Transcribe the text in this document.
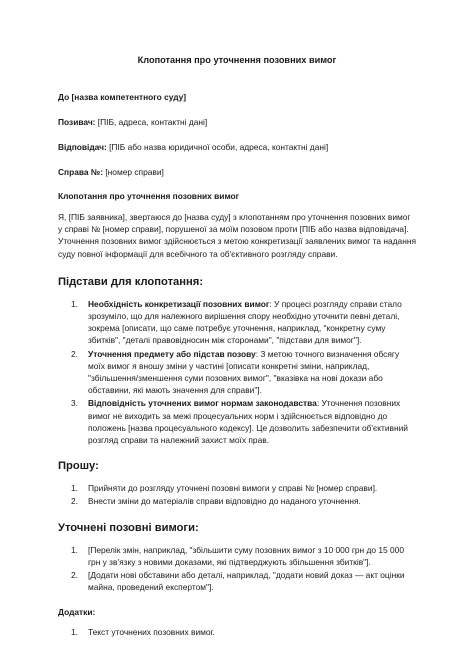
Клопотання про уточнення позовних вимог
До [назва компетентного суду]
Позивач: [ПІБ, адреса, контактні дані]
Відповідач: [ПІБ або назва юридичної особи, адреса, контактні дані]
Справа №: [номер справи]
Клопотання про уточнення позовних вимог
Я, [ПІБ заявника], звертаюся до [назва суду] з клопотанням про уточнення позовних вимог у справі № [номер справи], порушеної за моїм позовом проти [ПІБ або назва відповідача]. Уточнення позовних вимог здійснюється з метою конкретизації заявлених вимог та надання суду повної інформації для всебічного та об'єктивного розгляду справи.
Підстави для клопотання:
1. Необхідність конкретизації позовних вимог: У процесі розгляду справи стало зрозуміло, що для належного вирішення спору необхідно уточнити певні деталі, зокрема [описати, що саме потребує уточнення, наприклад, "конкретну суму збитків", "деталі правовідносин між сторонами", "підстави для вимог"].
2. Уточнення предмету або підстав позову: З метою точного визначення обсягу моїх вимог я вношу зміни у частині [описати конкретні зміни, наприклад, "збільшення/зменшення суми позовних вимог", "вказівка на нові докази або обставини, які мають значення для справи"].
3. Відповідність уточнених вимог нормам законодавства: Уточнення позовних вимог не виходить за межі процесуальних норм і здійснюється відповідно до положень [назва процесуального кодексу]. Це дозволить забезпечити об'єктивний розгляд справи та належний захист моїх прав.
Прошу:
1. Прийняти до розгляду уточнені позовні вимоги у справі № [номер справи].
2. Внести зміни до матеріалів справи відповідно до наданого уточнення.
Уточнені позовні вимоги:
1. [Перелік змін, наприклад, "збільшити суму позовних вимог з 10 000 грн до 15 000 грн у зв'язку з новими доказами, які підтверджують збільшення збитків"].
2. [Додати нові обставини або деталі, наприклад, "додати новий доказ — акт оцінки майна, проведений експертом"].
Додатки:
1. Текст уточнених позовних вимог.
